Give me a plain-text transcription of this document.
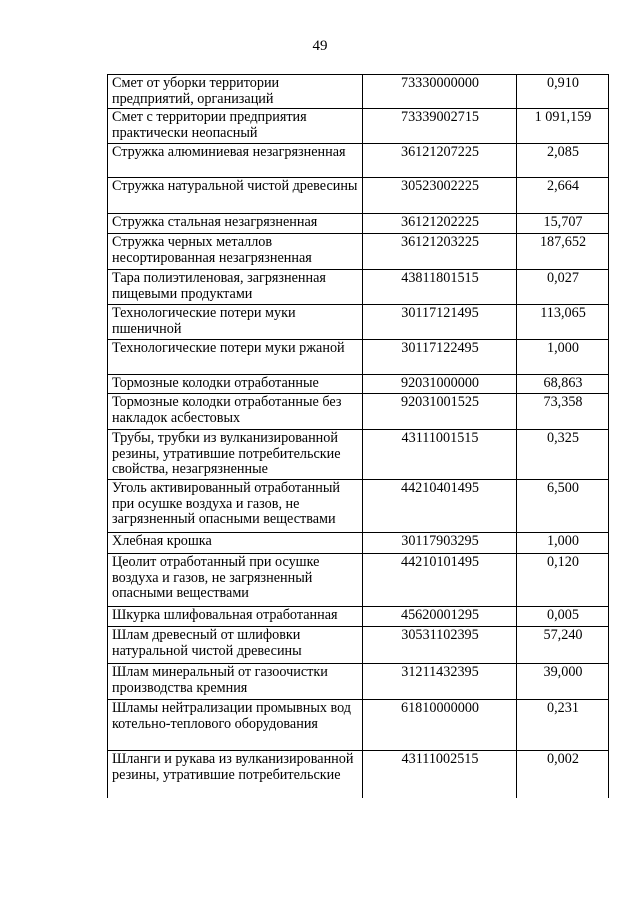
49
Смет от уборки территории предприятий, организаций	73330000000	0,910
Смет с территории предприятия практически неопасный	73339002715	1 091,159
Стружка алюминиевая незагрязненная	36121207225	2,085
Стружка натуральной чистой древесины	30523002225	2,664
Стружка стальная незагрязненная	36121202225	15,707
Стружка черных металлов несортированная незагрязненная	36121203225	187,652
Тара полиэтиленовая, загрязненная пищевыми продуктами	43811801515	0,027
Технологические потери муки пшеничной	30117121495	113,065
Технологические потери муки ржаной	30117122495	1,000
Тормозные колодки отработанные	92031000000	68,863
Тормозные колодки отработанные без накладок асбестовых	92031001525	73,358
Трубы, трубки из вулканизированной резины, утратившие потребительские свойства, незагрязненные	43111001515	0,325
Уголь активированный отработанный при осушке воздуха и газов, не загрязненный опасными веществами	44210401495	6,500
Хлебная крошка	30117903295	1,000
Цеолит отработанный при осушке воздуха и газов, не загрязненный опасными веществами	44210101495	0,120
Шкурка шлифовальная отработанная	45620001295	0,005
Шлам древесный от шлифовки натуральной чистой древесины	30531102395	57,240
Шлам минеральный от газоочистки производства кремния	31211432395	39,000
Шламы нейтрализации промывных вод котельно-теплового оборудования	61810000000	0,231
Шланги и рукава из вулканизированной резины, утратившие потребительские	43111002515	0,002
